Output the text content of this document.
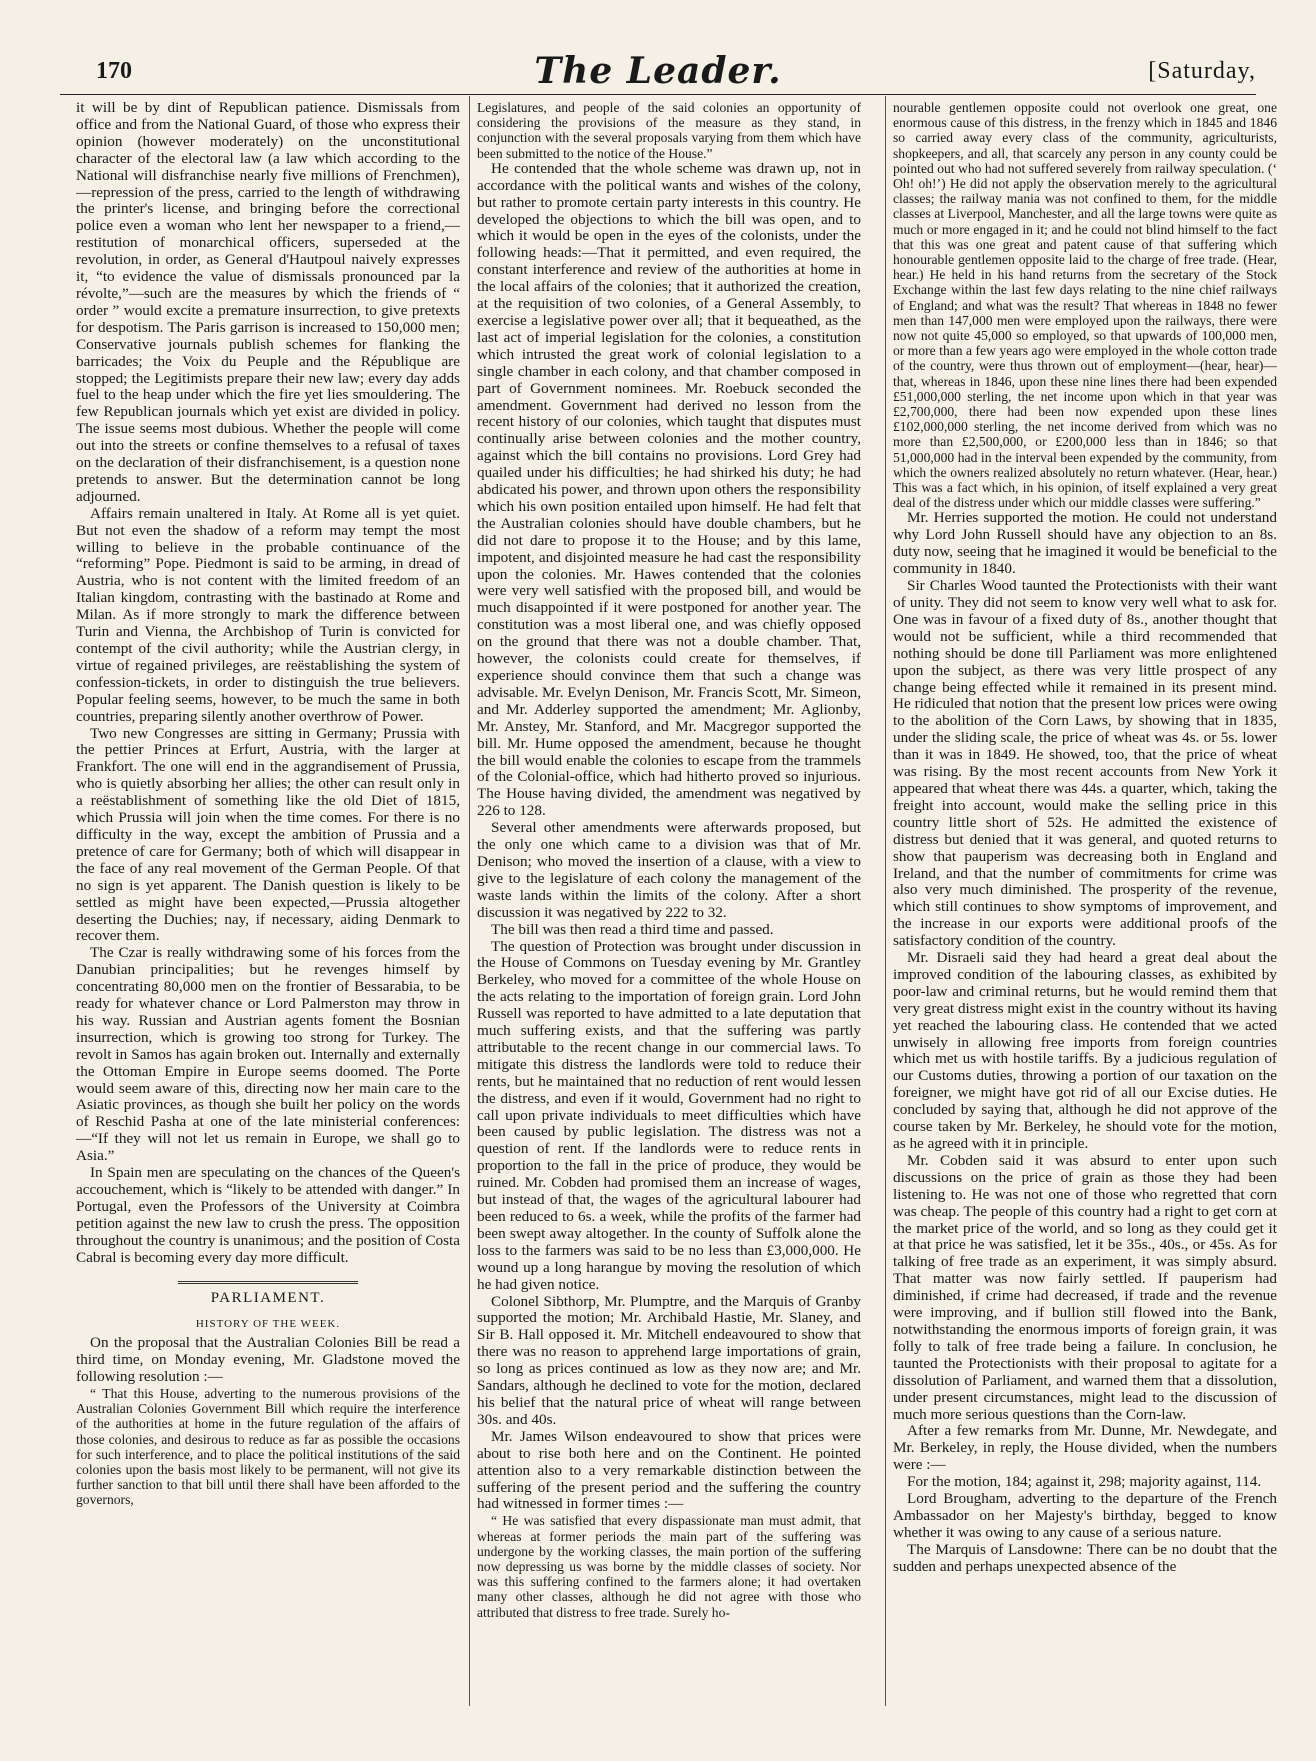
170	The Leader.	[Saturday,

it will be by dint of Republican patience. Dismissals from office and from the National Guard, of those who express their opinion (however moderately) on the unconstitutional character of the electoral law (a law which according to the National will disfranchise nearly five millions of Frenchmen),—repression of the press, carried to the length of withdrawing the printer's license, and bringing before the correctional police even a woman who lent her newspaper to a friend,—restitution of monarchical officers, superseded at the revolution, in order, as General d'Hautpoul naively expresses it, “to evidence the value of dismissals pronounced par la révolte,”—such are the measures by which the friends of “ order ” would excite a premature insurrection, to give pretexts for despotism. The Paris garrison is increased to 150,000 men; Conservative journals publish schemes for flanking the barricades; the Voix du Peuple and the République are stopped; the Legitimists prepare their new law; every day adds fuel to the heap under which the fire yet lies smouldering. The few Republican journals which yet exist are divided in policy. The issue seems most dubious. Whether the people will come out into the streets or confine themselves to a refusal of taxes on the declaration of their disfranchisement, is a question none pretends to answer. But the determination cannot be long adjourned.

Affairs remain unaltered in Italy. At Rome all is yet quiet. But not even the shadow of a reform may tempt the most willing to believe in the probable continuance of the “reforming” Pope. Piedmont is said to be arming, in dread of Austria, who is not content with the limited freedom of an Italian kingdom, contrasting with the bastinado at Rome and Milan. As if more strongly to mark the difference between Turin and Vienna, the Archbishop of Turin is convicted for contempt of the civil authority; while the Austrian clergy, in virtue of regained privileges, are reëstablishing the system of confession-tickets, in order to distinguish the true believers. Popular feeling seems, however, to be much the same in both countries, preparing silently another overthrow of Power.

Two new Congresses are sitting in Germany; Prussia with the pettier Princes at Erfurt, Austria, with the larger at Frankfort. The one will end in the aggrandisement of Prussia, who is quietly absorbing her allies; the other can result only in a reëstablishment of something like the old Diet of 1815, which Prussia will join when the time comes. For there is no difficulty in the way, except the ambition of Prussia and a pretence of care for Germany; both of which will disappear in the face of any real movement of the German People. Of that no sign is yet apparent. The Danish question is likely to be settled as might have been expected,—Prussia altogether deserting the Duchies; nay, if necessary, aiding Denmark to recover them.

The Czar is really withdrawing some of his forces from the Danubian principalities; but he revenges himself by concentrating 80,000 men on the frontier of Bessarabia, to be ready for whatever chance or Lord Palmerston may throw in his way. Russian and Austrian agents foment the Bosnian insurrection, which is growing too strong for Turkey. The revolt in Samos has again broken out. Internally and externally the Ottoman Empire in Europe seems doomed. The Porte would seem aware of this, directing now her main care to the Asiatic provinces, as though she built her policy on the words of Reschid Pasha at one of the late ministerial conferences:—“If they will not let us remain in Europe, we shall go to Asia.”

In Spain men are speculating on the chances of the Queen's accouchement, which is “likely to be attended with danger.” In Portugal, even the Professors of the University at Coimbra petition against the new law to crush the press. The opposition throughout the country is unanimous; and the position of Costa Cabral is becoming every day more difficult.

PARLIAMENT.
HISTORY OF THE WEEK.

On the proposal that the Australian Colonies Bill be read a third time, on Monday evening, Mr. Gladstone moved the following resolution :—

“ That this House, adverting to the numerous provisions of the Australian Colonies Government Bill which require the interference of the authorities at home in the future regulation of the affairs of those colonies, and desirous to reduce as far as possible the occasions for such interference, and to place the political institutions of the said colonies upon the basis most likely to be permanent, will not give its further sanction to that bill until there shall have been afforded to the governors,

Legislatures, and people of the said colonies an opportunity of considering the provisions of the measure as they stand, in conjunction with the several proposals varying from them which have been submitted to the notice of the House.”

He contended that the whole scheme was drawn up, not in accordance with the political wants and wishes of the colony, but rather to promote certain party interests in this country. He developed the objections to which the bill was open, and to which it would be open in the eyes of the colonists, under the following heads:—That it permitted, and even required, the constant interference and review of the authorities at home in the local affairs of the colonies; that it authorized the creation, at the requisition of two colonies, of a General Assembly, to exercise a legislative power over all; that it bequeathed, as the last act of imperial legislation for the colonies, a constitution which intrusted the great work of colonial legislation to a single chamber in each colony, and that chamber composed in part of Government nominees. Mr. Roebuck seconded the amendment. Government had derived no lesson from the recent history of our colonies, which taught that disputes must continually arise between colonies and the mother country, against which the bill contains no provisions. Lord Grey had quailed under his difficulties; he had shirked his duty; he had abdicated his power, and thrown upon others the responsibility which his own position entailed upon himself. He had felt that the Australian colonies should have double chambers, but he did not dare to propose it to the House; and by this lame, impotent, and disjointed measure he had cast the responsibility upon the colonies. Mr. Hawes contended that the colonies were very well satisfied with the proposed bill, and would be much disappointed if it were postponed for another year. The constitution was a most liberal one, and was chiefly opposed on the ground that there was not a double chamber. That, however, the colonists could create for themselves, if experience should convince them that such a change was advisable. Mr. Evelyn Denison, Mr. Francis Scott, Mr. Simeon, and Mr. Adderley supported the amendment; Mr. Aglionby, Mr. Anstey, Mr. Stanford, and Mr. Macgregor supported the bill. Mr. Hume opposed the amendment, because he thought the bill would enable the colonies to escape from the trammels of the Colonial-office, which had hitherto proved so injurious. The House having divided, the amendment was negatived by 226 to 128.

Several other amendments were afterwards proposed, but the only one which came to a division was that of Mr. Denison; who moved the insertion of a clause, with a view to give to the legislature of each colony the management of the waste lands within the limits of the colony. After a short discussion it was negatived by 222 to 32.

The bill was then read a third time and passed.

The question of Protection was brought under discussion in the House of Commons on Tuesday evening by Mr. Grantley Berkeley, who moved for a committee of the whole House on the acts relating to the importation of foreign grain. Lord John Russell was reported to have admitted to a late deputation that much suffering exists, and that the suffering was partly attributable to the recent change in our commercial laws. To mitigate this distress the landlords were told to reduce their rents, but he maintained that no reduction of rent would lessen the distress, and even if it would, Government had no right to call upon private individuals to meet difficulties which have been caused by public legislation. The distress was not a question of rent. If the landlords were to reduce rents in proportion to the fall in the price of produce, they would be ruined. Mr. Cobden had promised them an increase of wages, but instead of that, the wages of the agricultural labourer had been reduced to 6s. a week, while the profits of the farmer had been swept away altogether. In the county of Suffolk alone the loss to the farmers was said to be no less than £3,000,000. He wound up a long harangue by moving the resolution of which he had given notice.

Colonel Sibthorp, Mr. Plumptre, and the Marquis of Granby supported the motion; Mr. Archibald Hastie, Mr. Slaney, and Sir B. Hall opposed it. Mr. Mitchell endeavoured to show that there was no reason to apprehend large importations of grain, so long as prices continued as low as they now are; and Mr. Sandars, although he declined to vote for the motion, declared his belief that the natural price of wheat will range between 30s. and 40s.

Mr. James Wilson endeavoured to show that prices were about to rise both here and on the Continent. He pointed attention also to a very remarkable distinction between the suffering of the present period and the suffering the country had witnessed in former times :—

“ He was satisfied that every dispassionate man must admit, that whereas at former periods the main part of the suffering was undergone by the working classes, the main portion of the suffering now depressing us was borne by the middle classes of society. Nor was this suffering confined to the farmers alone; it had overtaken many other classes, although he did not agree with those who attributed that distress to free trade. Surely ho-

nourable gentlemen opposite could not overlook one great, one enormous cause of this distress, in the frenzy which in 1845 and 1846 so carried away every class of the community, agriculturists, shopkeepers, and all, that scarcely any person in any county could be pointed out who had not suffered severely from railway speculation. (‘ Oh! oh!’) He did not apply the observation merely to the agricultural classes; the railway mania was not confined to them, for the middle classes at Liverpool, Manchester, and all the large towns were quite as much or more engaged in it; and he could not blind himself to the fact that this was one great and patent cause of that suffering which honourable gentlemen opposite laid to the charge of free trade. (Hear, hear.) He held in his hand returns from the secretary of the Stock Exchange within the last few days relating to the nine chief railways of England; and what was the result? That whereas in 1848 no fewer men than 147,000 men were employed upon the railways, there were now not quite 45,000 so employed, so that upwards of 100,000 men, or more than a few years ago were employed in the whole cotton trade of the country, were thus thrown out of employment—(hear, hear)—that, whereas in 1846, upon these nine lines there had been expended £51,000,000 sterling, the net income upon which in that year was £2,700,000, there had been now expended upon these lines £102,000,000 sterling, the net income derived from which was no more than £2,500,000, or £200,000 less than in 1846; so that 51,000,000 had in the interval been expended by the community, from which the owners realized absolutely no return whatever. (Hear, hear.) This was a fact which, in his opinion, of itself explained a very great deal of the distress under which our middle classes were suffering.”

Mr. Herries supported the motion. He could not understand why Lord John Russell should have any objection to an 8s. duty now, seeing that he imagined it would be beneficial to the community in 1840.

Sir Charles Wood taunted the Protectionists with their want of unity. They did not seem to know very well what to ask for. One was in favour of a fixed duty of 8s., another thought that would not be sufficient, while a third recommended that nothing should be done till Parliament was more enlightened upon the subject, as there was very little prospect of any change being effected while it remained in its present mind. He ridiculed that notion that the present low prices were owing to the abolition of the Corn Laws, by showing that in 1835, under the sliding scale, the price of wheat was 4s. or 5s. lower than it was in 1849. He showed, too, that the price of wheat was rising. By the most recent accounts from New York it appeared that wheat there was 44s. a quarter, which, taking the freight into account, would make the selling price in this country little short of 52s. He admitted the existence of distress but denied that it was general, and quoted returns to show that pauperism was decreasing both in England and Ireland, and that the number of commitments for crime was also very much diminished. The prosperity of the revenue, which still continues to show symptoms of improvement, and the increase in our exports were additional proofs of the satisfactory condition of the country.

Mr. Disraeli said they had heard a great deal about the improved condition of the labouring classes, as exhibited by poor-law and criminal returns, but he would remind them that very great distress might exist in the country without its having yet reached the labouring class. He contended that we acted unwisely in allowing free imports from foreign countries which met us with hostile tariffs. By a judicious regulation of our Customs duties, throwing a portion of our taxation on the foreigner, we might have got rid of all our Excise duties. He concluded by saying that, although he did not approve of the course taken by Mr. Berkeley, he should vote for the motion, as he agreed with it in principle.

Mr. Cobden said it was absurd to enter upon such discussions on the price of grain as those they had been listening to. He was not one of those who regretted that corn was cheap. The people of this country had a right to get corn at the market price of the world, and so long as they could get it at that price he was satisfied, let it be 35s., 40s., or 45s. As for talking of free trade as an experiment, it was simply absurd. That matter was now fairly settled. If pauperism had diminished, if crime had decreased, if trade and the revenue were improving, and if bullion still flowed into the Bank, notwithstanding the enormous imports of foreign grain, it was folly to talk of free trade being a failure. In conclusion, he taunted the Protectionists with their proposal to agitate for a dissolution of Parliament, and warned them that a dissolution, under present circumstances, might lead to the discussion of much more serious questions than the Corn-law.

After a few remarks from Mr. Dunne, Mr. Newdegate, and Mr. Berkeley, in reply, the House divided, when the numbers were :—

For the motion, 184; against it, 298; majority against, 114.

Lord Brougham, adverting to the departure of the French Ambassador on her Majesty's birthday, begged to know whether it was owing to any cause of a serious nature.

The Marquis of Lansdowne: There can be no doubt that the sudden and perhaps unexpected absence of the
